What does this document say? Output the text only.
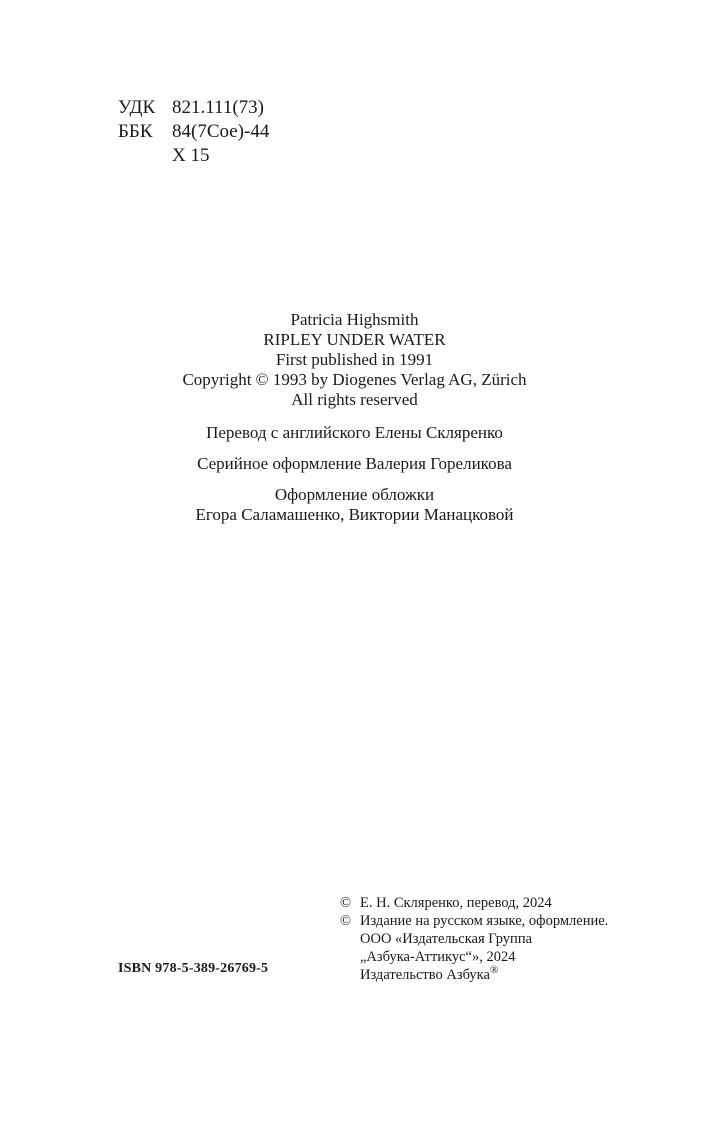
УДК 821.111(73)
ББК	84(7Сое)-44
Х 15
Patricia Highsmith
RIPLEY UNDER WATER
First published in 1991
Copyright © 1993 by Diogenes Verlag AG, Zürich
All rights reserved
Перевод с английского Елены Скляренко
Серийное оформление Валерия Гореликова
Оформление обложки
Егора Саламашенко, Виктории Манацковой
ISBN 978-5-389-26769-5
© Е. Н. Скляренко, перевод, 2024
© Издание на русском языке, оформление.
ООО «Издательская Группа
„Азбука-Аттикус“», 2024
Издательство Азбука®
